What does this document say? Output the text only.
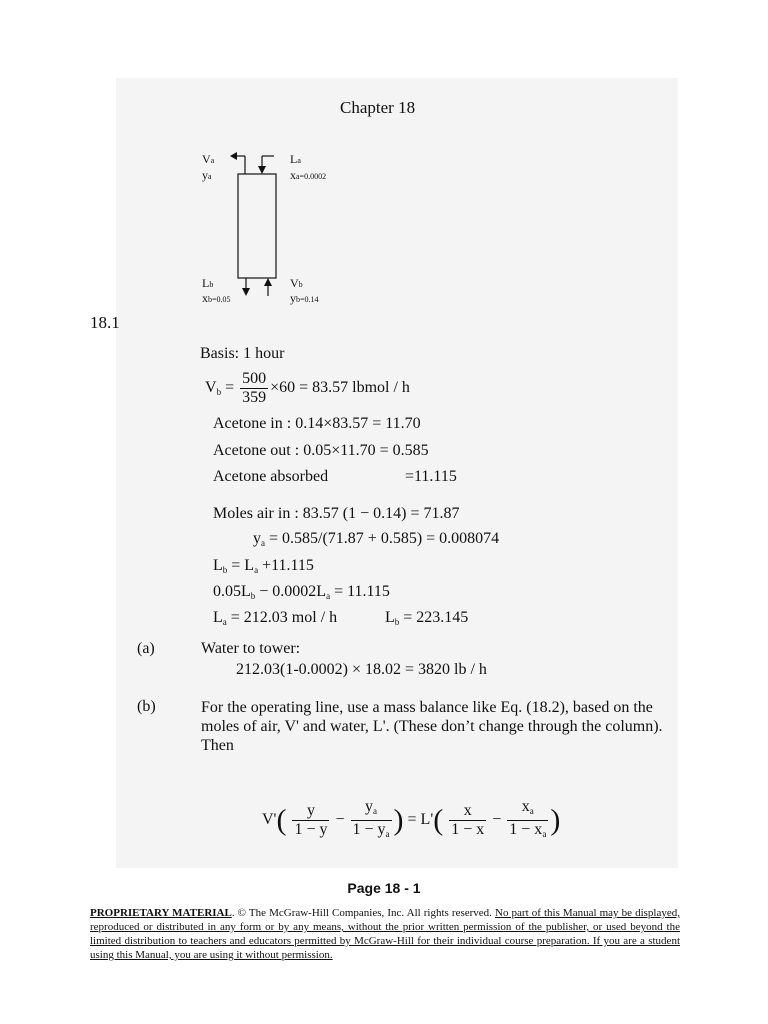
Chapter 18
Va
ya
La
xa=0.0002
Lb
xb=0.05
Vb
yb=0.14
18.1
Basis: 1 hour
$V_b = \frac{500}{359} \times 60 = 83.57$ lbmol / h
Acetone in : 0.14×83.57 = 11.70
Acetone out : 0.05×11.70 = 0.585
Acetone absorbed	=11.115
Moles air in : 83.57 (1 − 0.14) = 71.87
$y_a = 0.585/(71.87 + 0.585) = 0.008074$
$L_b = L_a +11.115$
$0.05L_b - 0.0002L_a = 11.115$
$L_a = 212.03$ mol / h	$L_b = 223.145$
(a)	Water to tower:
212.03(1-0.0002) × 18.02 = 3820 lb / h
(b)	For the operating line, use a mass balance like Eq. (18.2), based on the moles of air, V' and water, L'. (These don’t change through the column). Then
$V'( \frac{y}{1 - y} - \frac{y_a}{1 - y_a}$ ) = $L'( \frac{x}{1 - x} - \frac{x_a}{1 - x_a}$ )
Page 18 - 1
PROPRIETARY MATERIAL. © The McGraw-Hill Companies, Inc. All rights reserved. No part of this Manual may be displayed, reproduced or distributed in any form or by any means, without the prior written permission of the publisher, or used beyond the limited distribution to teachers and educators permitted by McGraw-Hill for their individual course preparation. If you are a student using this Manual, you are using it without permission.
